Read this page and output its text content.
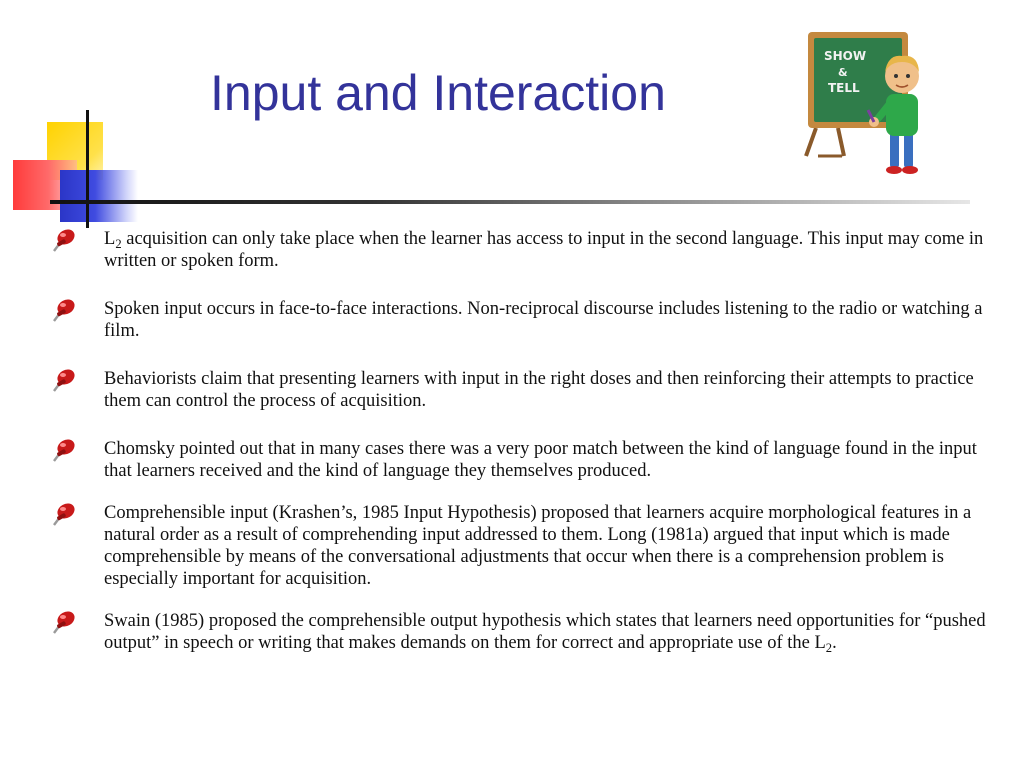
Input and Interaction
SHOW
&
TELL

$L_2$ acquisition can only take place when the learner has access to input in the second language. This input may come in written or spoken form.

Spoken input occurs in face-to-face interactions. Non-reciprocal discourse includes listening to the radio or watching a film.

Behaviorists claim that presenting learners with input in the right doses and then reinforcing their attempts to practice them can control the process of acquisition.

Chomsky pointed out that in many cases there was a very poor match between the kind of language found in the input that learners received and the kind of language they themselves produced.

Comprehensible input (Krashen’s, 1985 Input Hypothesis) proposed that learners acquire morphological features in a natural order as a result of comprehending input addressed to them. Long (1981a) argued that input which is made comprehensible by means of the conversational adjustments that occur when there is a comprehension problem is especially important for acquisition.

Swain (1985) proposed the comprehensible output hypothesis which states that learners need opportunities for “pushed output” in speech or writing that makes demands on them for correct and appropriate use of the $L_2$.
